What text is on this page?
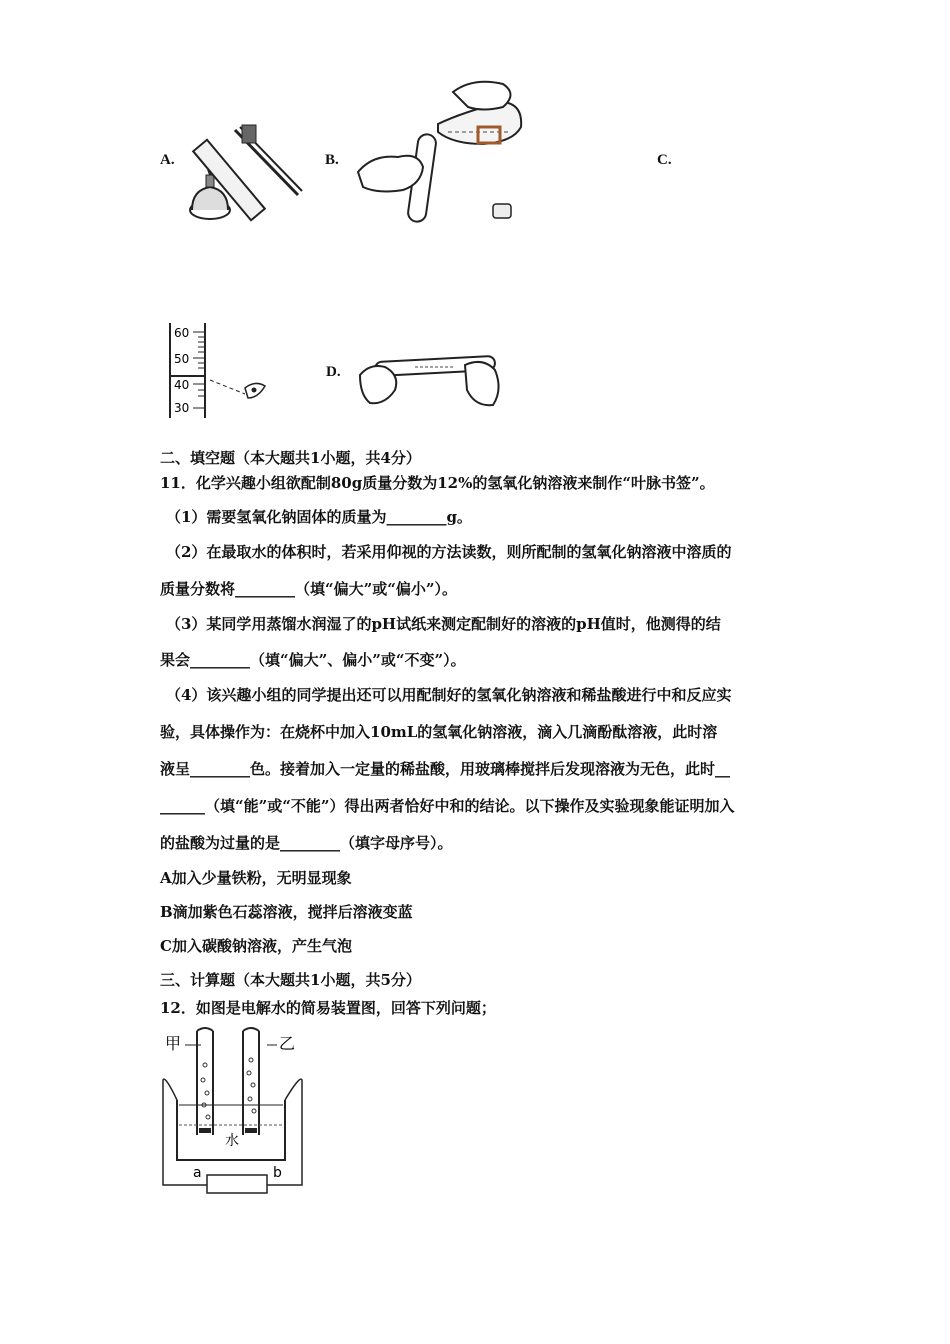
A.	B.	C.
D.
60
50
40
30
二、填空题（本大题共1小题，共4分）
11．化学兴趣小组欲配制80g质量分数为12%的氢氧化钠溶液来制作“叶脉书签”。
（1）需要氢氧化钠固体的质量为________g。
（2）在最取水的体积时，若采用仰视的方法读数，则所配制的氢氧化钠溶液中溶质的
质量分数将________（填“偏大”或“偏小”）。
（3）某同学用蒸馏水润湿了的pH试纸来测定配制好的溶液的pH值时，他测得的结
果会________（填“偏大”、偏小”或“不变”）。
（4）该兴趣小组的同学提出还可以用配制好的氢氧化钠溶液和稀盐酸进行中和反应实
验，具体操作为：在烧杯中加入10mL的氢氧化钠溶液，滴入几滴酚酞溶液，此时溶
液呈________色。接着加入一定量的稀盐酸，用玻璃棒搅拌后发现溶液为无色，此时__
______（填“能”或“不能”）得出两者恰好中和的结论。以下操作及实验现象能证明加入
的盐酸为过量的是________（填字母序号）。
A加入少量铁粉，无明显现象
B滴加紫色石蕊溶液，搅拌后溶液变蓝
C加入碳酸钠溶液，产生气泡
三、计算题（本大题共1小题，共5分）
12．如图是电解水的简易装置图，回答下列问题；
甲	乙
水
a	b
